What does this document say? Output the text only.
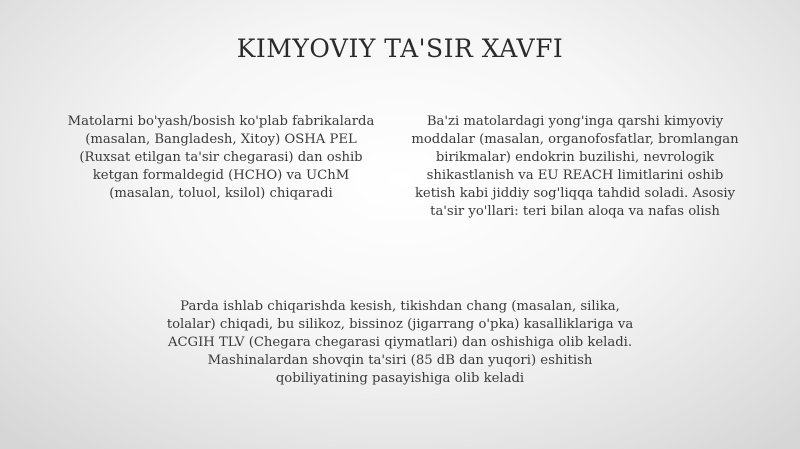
KIMYOVIY TA'SIR XAVFI
Matolarni bo'yash/bosish ko'plab fabrikalarda (masalan, Bangladesh, Xitoy) OSHA PEL (Ruxsat etilgan ta'sir chegarasi) dan oshib ketgan formaldegid (HCHO) va UChM (masalan, toluol, ksilol) chiqaradi
Ba'zi matolardagi yong'inga qarshi kimyoviy moddalar (masalan, organofosfatlar, bromlangan birikmalar) endokrin buzilishi, nevrologik shikastlanish va EU REACH limitlarini oshib ketish kabi jiddiy sog'liqqa tahdid soladi. Asosiy ta'sir yo'llari: teri bilan aloqa va nafas olish
Parda ishlab chiqarishda kesish, tikishdan chang (masalan, silika, tolalar) chiqadi, bu silikoz, bissinoz (jigarrang o'pka) kasalliklariga va ACGIH TLV (Chegara chegarasi qiymatlari) dan oshishiga olib keladi. Mashinalardan shovqin ta'siri (85 dB dan yuqori) eshitish qobiliyatining pasayishiga olib keladi
